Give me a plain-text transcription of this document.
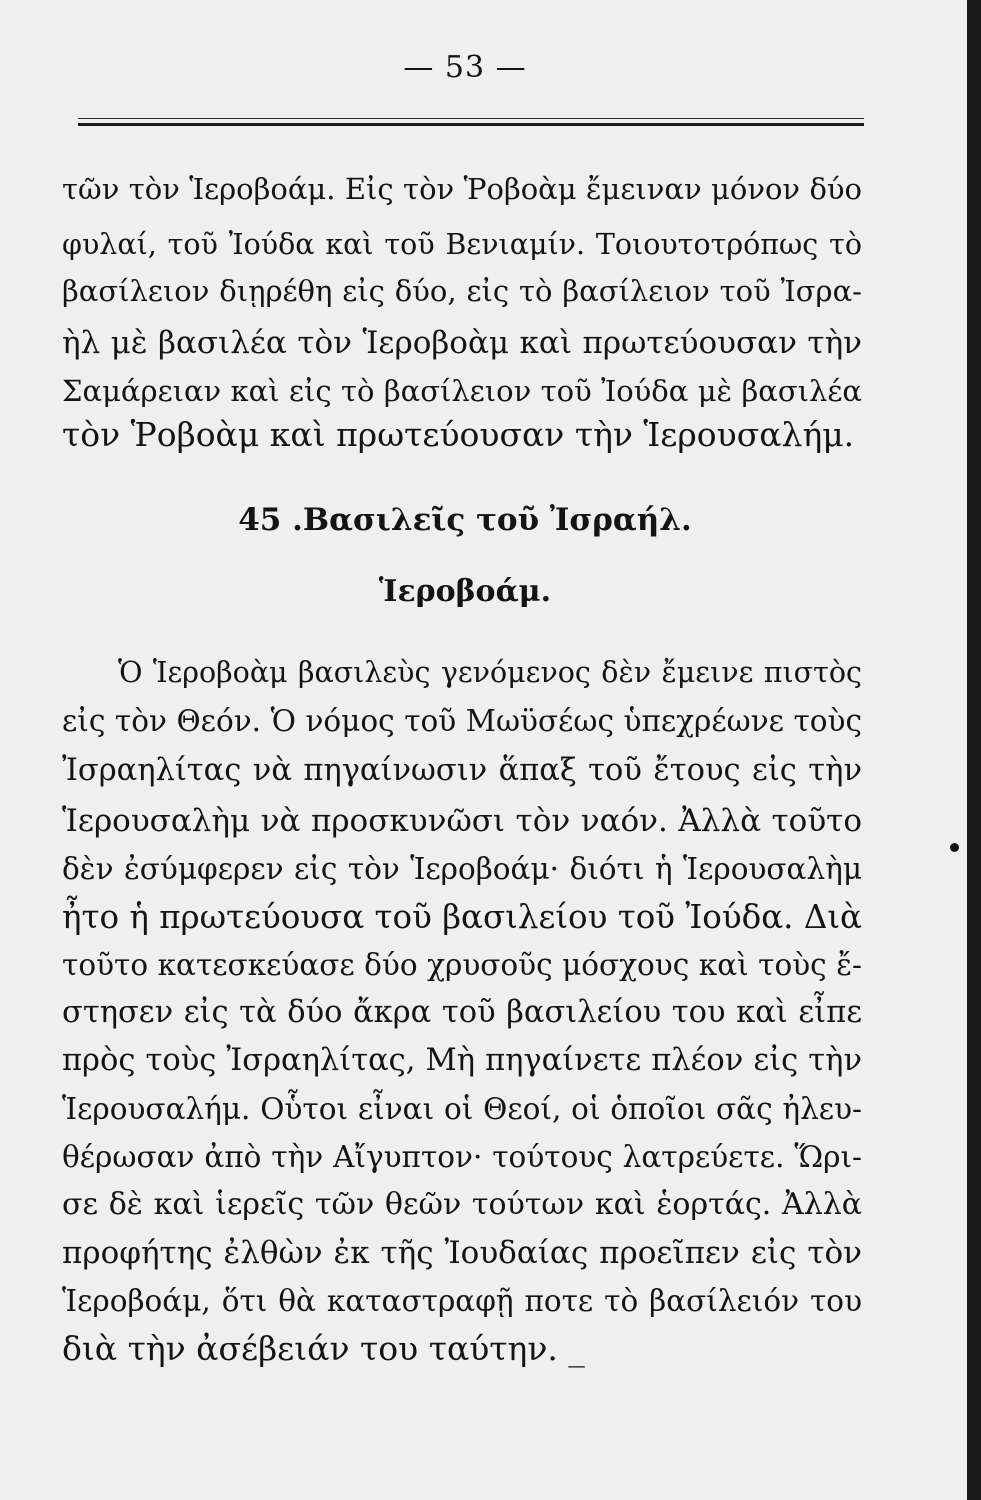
— 53 —
τῶν τὸν Ἱεροβοάμ. Εἰς τὸν Ῥοβοὰμ ἔμειναν μόνον δύο
φυλαί, τοῦ Ἰούδα καὶ τοῦ Βενιαμίν. Τοιουτοτρόπως τὸ
βασίλειον διῃρέθη εἰς δύο, εἰς τὸ βασίλειον τοῦ Ἰσρα-
ὴλ μὲ βασιλέα τὸν Ἱεροβοὰμ καὶ πρωτεύουσαν τὴν
Σαμάρειαν καὶ εἰς τὸ βασίλειον τοῦ Ἰούδα μὲ βασιλέα
τὸν Ῥοβοὰμ καὶ πρωτεύουσαν τὴν Ἱερουσαλήμ.
45 .Βασιλεῖς τοῦ Ἰσραήλ.
Ἱεροβοάμ.
Ὁ Ἱεροβοὰμ βασιλεὺς γενόμενος δὲν ἔμεινε πιστὸς
εἰς τὸν Θεόν. Ὁ νόμος τοῦ Μωϋσέως ὑπεχρέωνε τοὺς
Ἰσραηλίτας νὰ πηγαίνωσιν ἅπαξ τοῦ ἔτους εἰς τὴν
Ἱερουσαλὴμ νὰ προσκυνῶσι τὸν ναόν. Ἀλλὰ τοῦτο
δὲν ἐσύμφερεν εἰς τὸν Ἱεροβοάμ· διότι ἡ Ἱερουσαλὴμ
ἦτο ἡ πρωτεύουσα τοῦ βασιλείου τοῦ Ἰούδα. Διὰ
τοῦτο κατεσκεύασε δύο χρυσοῦς μόσχους καὶ τοὺς ἔ-
στησεν εἰς τὰ δύο ἄκρα τοῦ βασιλείου του καὶ εἶπε
πρὸς τοὺς Ἰσραηλίτας, Μὴ πηγαίνετε πλέον εἰς τὴν
Ἱερουσαλήμ. Οὗτοι εἶναι οἱ Θεοί, οἱ ὁποῖοι σᾶς ἠλευ-
θέρωσαν ἀπὸ τὴν Αἴγυπτον· τούτους λατρεύετε. Ὥρι-
σε δὲ καὶ ἱερεῖς τῶν θεῶν τούτων καὶ ἑορτάς. Ἀλλὰ
προφήτης ἐλθὼν ἐκ τῆς Ἰουδαίας προεῖπεν εἰς τὸν
Ἱεροβοάμ, ὅτι θὰ καταστραφῇ ποτε τὸ βασίλειόν του
διὰ τὴν ἀσέβειάν του ταύτην. _
